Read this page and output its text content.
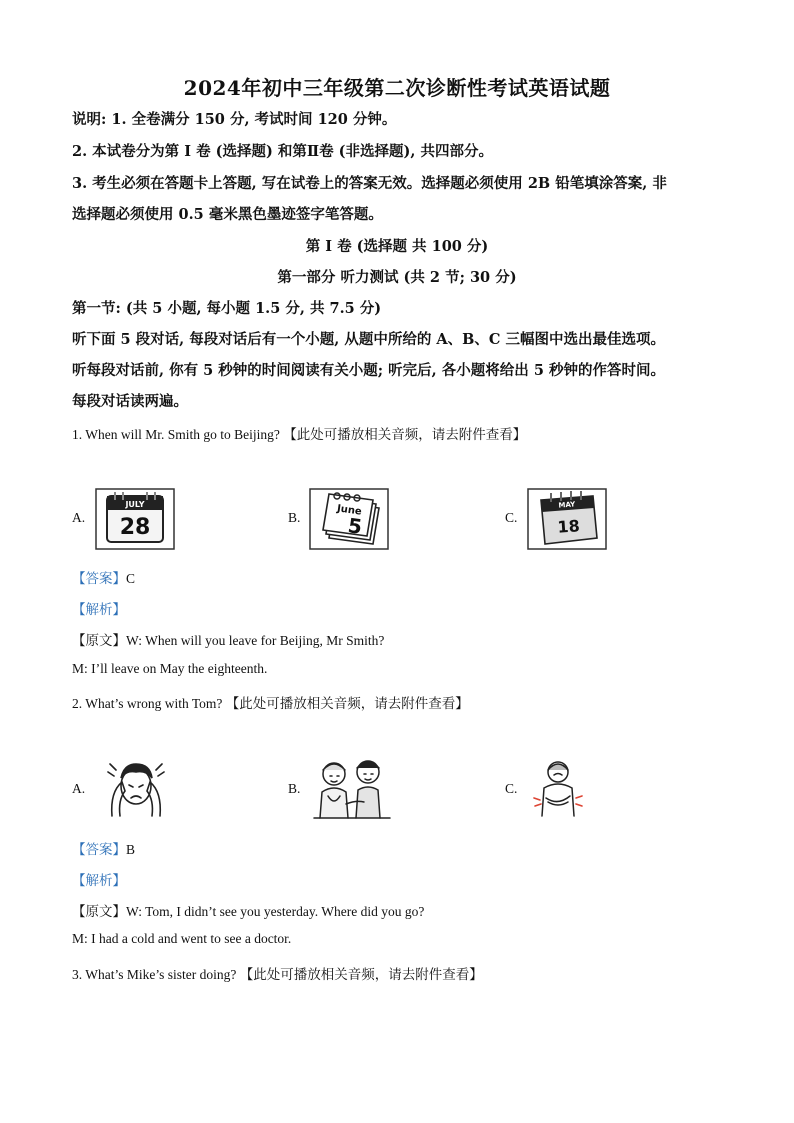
2024年初中三年级第二次诊断性考试英语试题
说明: 1. 全卷满分 150 分, 考试时间 120 分钟。
2. 本试卷分为第 Ⅰ 卷 (选择题) 和第Ⅱ卷 (非选择题), 共四部分。
3. 考生必须在答题卡上答题, 写在试卷上的答案无效。选择题必须使用 2B 铅笔填涂答案, 非
选择题必须使用 0.5 毫米黑色墨迹签字笔答题。
第 Ⅰ 卷 (选择题 共 100 分)
第一部分 听力测试 (共 2 节; 30 分)
第一节: (共 5 小题, 每小题 1.5 分, 共 7.5 分)
听下面 5 段对话, 每段对话后有一个小题, 从题中所给的 A、B、C 三幅图中选出最佳选项。
听每段对话前, 你有 5 秒钟的时间阅读有关小题; 听完后, 各小题将给出 5 秒钟的作答时间。
每段对话读两遍。
1. When will Mr. Smith go to Beijing? 【此处可播放相关音频，请去附件查看】
A.
JULY
28	B.	June
5	C.
MAY
18
【答案】C
【解析】
【原文】W: When will you leave for Beijing, Mr Smith?
M: I’ll leave on May the eighteenth.
2. What’s wrong with Tom? 【此处可播放相关音频，请去附件查看】
A.	B.	C.
【答案】B
【解析】
【原文】W: Tom, I didn’t see you yesterday. Where did you go?
M: I had a cold and went to see a doctor.
3. What’s Mike’s sister doing? 【此处可播放相关音频，请去附件查看】
